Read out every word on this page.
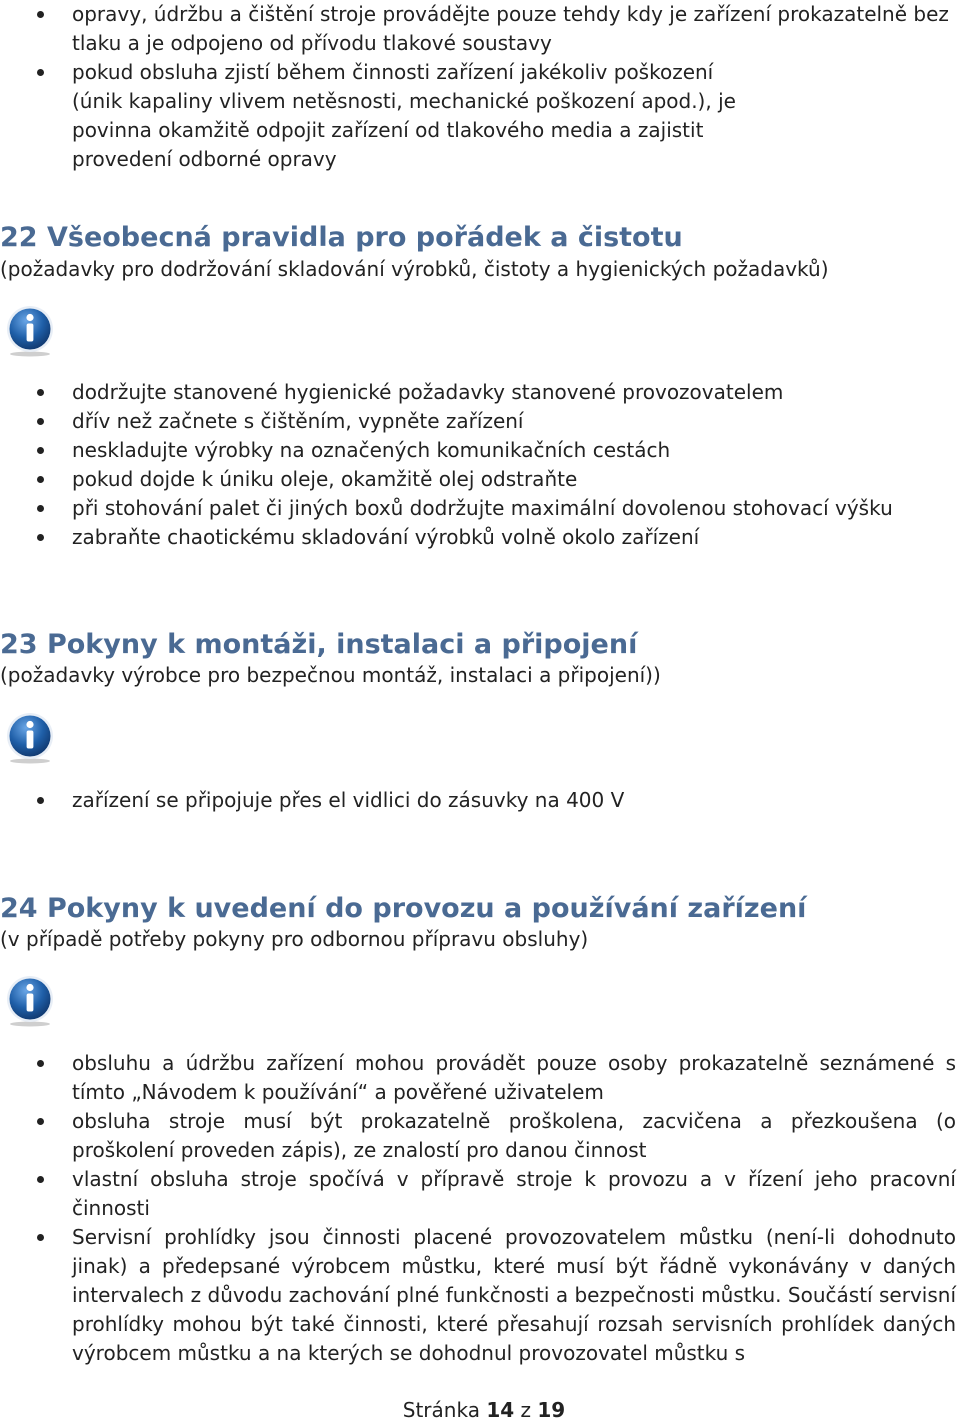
opravy, údržbu a čištění stroje provádějte pouze tehdy kdy je zařízení prokazatelně bez tlaku a je odpojeno od přívodu tlakové soustavy
pokud obsluha zjistí během činnosti zařízení jakékoliv poškození (únik kapaliny vlivem netěsnosti, mechanické poškození apod.), je povinna okamžitě odpojit zařízení od tlakového media a zajistit provedení odborné opravy
22 Všeobecná pravidla pro pořádek a čistotu
(požadavky pro dodržování skladování výrobků, čistoty a hygienických požadavků)
dodržujte stanovené hygienické požadavky stanovené provozovatelem
dřív než začnete s čištěním, vypněte zařízení
neskladujte výrobky na označených komunikačních cestách
pokud dojde k úniku oleje, okamžitě olej odstraňte
při stohování palet či jiných boxů dodržujte maximální dovolenou stohovací výšku
zabraňte chaotickému skladování výrobků volně okolo zařízení
23 Pokyny k montáži, instalaci a připojení
(požadavky výrobce pro bezpečnou montáž, instalaci a připojení))
zařízení se připojuje přes el vidlici do zásuvky na 400 V
24 Pokyny k uvedení do provozu a používání zařízení
(v případě potřeby pokyny pro odbornou přípravu obsluhy)
obsluhu a údržbu zařízení mohou provádět pouze osoby prokazatelně seznámené s tímto „Návodem k používání“ a pověřené uživatelem
obsluha stroje musí být prokazatelně proškolena, zacvičena a přezkoušena (o proškolení proveden zápis), ze znalostí pro danou činnost
vlastní obsluha stroje spočívá v přípravě stroje k provozu a v řízení jeho pracovní činnosti
Servisní prohlídky jsou činnosti placené provozovatelem můstku (není-li dohodnuto jinak) a předepsané výrobcem můstku, které musí být řádně vykonávány v daných intervalech z důvodu zachování plné funkčnosti a bezpečnosti můstku. Součástí servisní prohlídky mohou být také činnosti, které přesahují rozsah servisních prohlídek daných výrobcem můstku a na kterých se dohodnul provozovatel můstku s
Stránka 14 z 19
